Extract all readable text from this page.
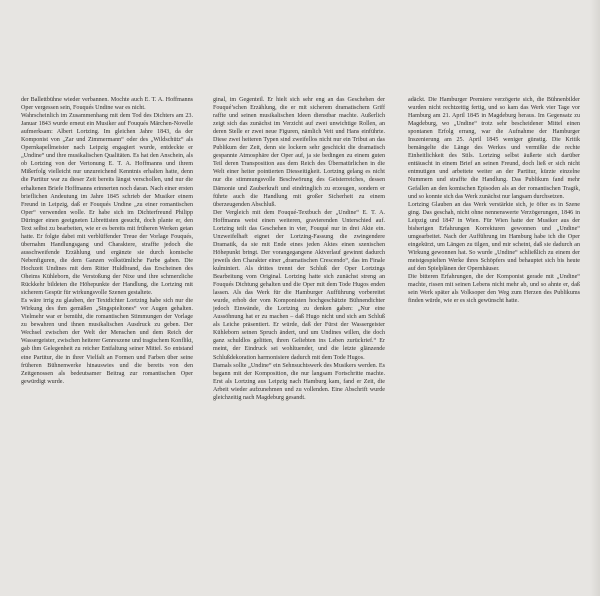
der Ballettbühne wieder verbannen. Mochte auch E. T. A. Hoffmanns Oper vergessen sein, Fouqués Undine war es nicht.

Wahrscheinlich im Zusammenhang mit dem Tod des Dichters am 23. Januar 1843 wurde erneut ein Musiker auf Fouqués Märchen-Novelle aufmerksam: Albert Lortzing. Im gleichen Jahre 1843, da der Komponist von „Zar und Zimmermann“ oder des „Wildschütz“ als Opernkapellmeister nach Leipzig engagiert wurde, entdeckte er „Undine“ und ihre musikalischen Qualitäten. Es hat den Anschein, als ob Lortzing von der Vertonung E. T. A. Hoffmanns und ihrem Mißerfolg vielleicht nur unzureichend Kenntnis erhalten hatte, denn die Partitur war zu dieser Zeit bereits längst verschollen, und nur die erhaltenen Briefe Hoffmanns erinnerten noch daran. Nach einer ersten brieflichen Andeutung im Jahre 1845 schrieb der Musiker einem Freund in Leipzig, daß er Fouqués Undine „zu einer romantischen Oper“ verwenden wolle. Er habe sich im Dichterfreund Philipp Düringer einen geeigneten Librettisten gesucht, doch plante er, den Text selbst zu bearbeiten, wie er es bereits mit früheren Werken getan hatte. Er folgte dabei mit verblüffender Treue der Vorlage Fouqués, übernahm Handlungsgang und Charaktere, straffte jedoch die ausschweifende Erzählung und ergänzte sie durch komische Nebenfiguren, die dem Ganzen volkstümliche Farbe gaben. Die Hochzeit Undines mit dem Ritter Huldbrand, das Erscheinen des Oheims Kühleborn, die Verstoßung der Nixe und ihre schmerzliche Rückkehr bildeten die Höhepunkte der Handlung, die Lortzing mit sicherem Gespür für wirkungsvolle Szenen gestaltete.

Es wäre irrig zu glauben, der Textdichter Lortzing habe sich nur die Wirkung des ihm gemäßen „Singspieltones“ vor Augen gehalten. Vielmehr war er bemüht, die romantischen Stimmungen der Vorlage zu bewahren und ihnen musikalischen Ausdruck zu geben. Der Wechsel zwischen der Welt der Menschen und dem Reich der Wassergeister, zwischen heiterer Genreszene und tragischem Konflikt, gab ihm Gelegenheit zu reicher Entfaltung seiner Mittel. So entstand eine Partitur, die in ihrer Vielfalt an Formen und Farben über seine früheren Bühnenwerke hinauswies und die bereits von den Zeitgenossen als bedeutsamer Beitrag zur romantischen Oper gewürdigt wurde.

ginal, im Gegenteil. Er hielt sich sehr eng an das Geschehen der Fouqué’schen Erzählung, die er mit sicherem dramatischem Griff raffte und seinen musikalischen Ideen dienstbar machte. Außerlich zeigt sich das zunächst im Verzicht auf zwei unwichtige Rollen, an deren Stelle er zwei neue Figuren, nämlich Veit und Hans einführte. Diese zwei heiteren Typen sind zweifellos nicht nur ein Tribut an das Publikum der Zeit, denn sie lockern sehr geschickt die dramatisch gespannte Atmosphäre der Oper auf, ja sie bedingen zu einem guten Teil deren Transposition aus dem Reich des Übernatürlichen in die Welt einer heiter pointierten Diesseitigkeit. Lortzing gelang es nicht nur die stimmungsvolle Beschwörung des Geisterreiches, dessen Dämonie und Zauberkraft und eindringlich zu erzeugen, sondern er führte auch die Handlung mit großer Sicherheit zu einem überzeugenden Abschluß.

Der Vergleich mit dem Fouqué-Textbuch der „Undine“ E. T. A. Hoffmanns weist einen weiteren, gravierenden Unterschied auf. Lortzing teilt das Geschehen in vier, Fouqué nur in drei Akte ein. Unzweifelhaft eignet der Lortzing-Fassung die zwingendere Dramatik, da sie mit Ende eines jeden Aktes einen szenischen Höhepunkt bringt. Der vorangegangene Aktverlauf gewinnt dadurch jeweils den Charakter einer „dramatischen Crescendo“, das im Finale kulminiert. Als drittes trennt der Schluß der Oper Lortzings Bearbeitung vom Original. Lortzing hatte sich zunächst streng an Fouqués Dichtung gehalten und die Oper mit dem Tode Hugos enden lassen. Als das Werk für die Hamburger Aufführung vorbereitet wurde, erhob der vom Komponisten hochgeschätzte Bühnendichter jedoch Einwände, die Lortzing zu denken gaben: „Nur eine Aussöhnung hat er zu machen – daß Hugo nicht und sich am Schluß als Leiche präsentiert. Er würde, daß der Fürst der Wassergeister Kühleborn seinen Spruch ändert, und um Undines willen, die doch ganz schuldlos gelitten, ihren Geliebten ins Leben zurückrief.“ Er meint, der Eindruck sei wohltuender, und die letzte glänzende Schlußdekoration harmonisiere dadurch mit dem Tode Hugos.

Damals sollte „Undine“ ein Sehnsuchtswerk des Musikers werden. Es begann mit der Komposition, die nur langsam Fortschritte machte. Erst als Lortzing aus Leipzig nach Hamburg kam, fand er Zeit, die Arbeit wieder aufzunehmen und zu vollenden. Eine Abschrift wurde gleichzeitig nach Magdeburg gesandt.

adäckt. Die Hamburger Premiere verzögerte sich, die Bühnenbilder wurden nicht rechtzeitig fertig, und so kam das Werk vier Tage vor Hamburg am 21. April 1845 in Magdeburg heraus. Im Gegensatz zu Magdeburg, wo „Undine“ trotz sehr bescheidener Mittel einen spontanen Erfolg errang, war die Aufnahme der Hamburger Inszenierung am 25. April 1845 weniger günstig. Die Kritik bemängelte die Länge des Werkes und vermißte die rechte Einheitlichkeit des Stils. Lortzing selbst äußerte sich darüber enttäuscht in einem Brief an seinen Freund, doch ließ er sich nicht entmutigen und arbeitete weiter an der Partitur, kürzte einzelne Nummern und straffte die Handlung. Das Publikum fand mehr Gefallen an den komischen Episoden als an der romantischen Tragik, und so konnte sich das Werk zunächst nur langsam durchsetzen.

Lortzing Glauben an das Werk verstärkte sich, je öfter es in Szene ging. Das geschah, nicht ohne nennenswerte Verzögerungen, 1846 in Leipzig und 1847 in Wien. Für Wien hatte der Musiker aus der bisherigen Erfahrungen Korrekturen gewonnen und „Undine“ umgearbeitet. Nach der Aufführung im Hamburg habe ich die Oper eingekürzt, um Längen zu tilgen, und mir scheint, daß sie dadurch an Wirkung gewonnen hat. So wurde „Undine“ schließlich zu einem der meistgespielten Werke ihres Schöpfers und behauptet sich bis heute auf den Spielplänen der Opernhäuser.

Die bitteren Erfahrungen, die der Komponist gerade mit „Undine“ machte, rissen mit seinen Lebens nicht mehr ab, und so ahnte er, daß sein Werk später als Volksoper den Weg zum Herzen des Publikums finden würde, wie er es sich gewünscht hatte.
